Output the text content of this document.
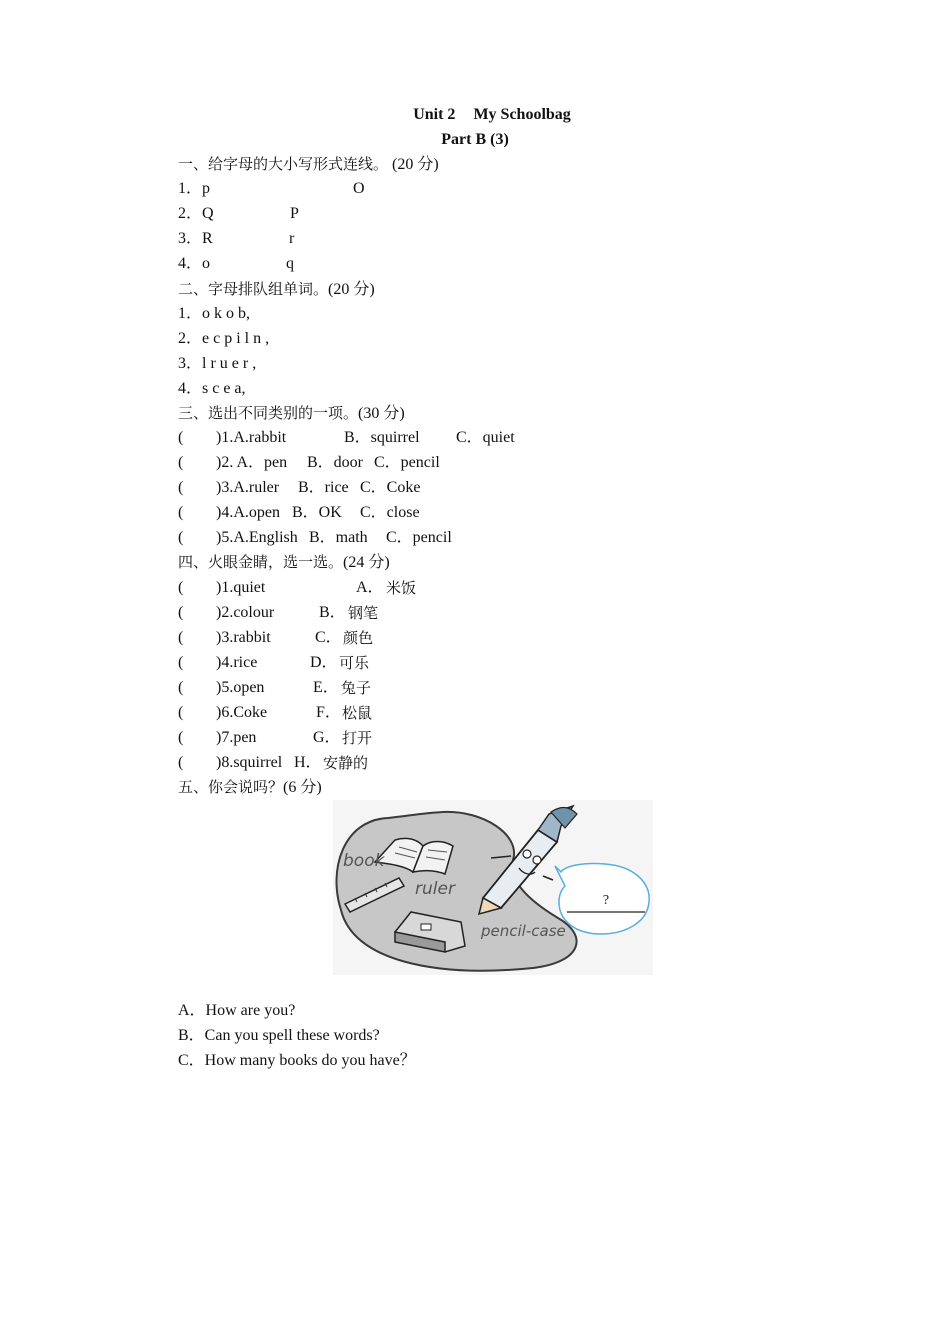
Unit 2 My Schoolbag
Part B (3)
一、给字母的大小写形式连线。 (20 分)
1．p	O
2．Q	P
3．R	r
4．o	q
二、字母排队组单词。(20 分)
1．o k o b,
2．e c p i l n ,
3．l r u e r ,
4．s c e a,
三、选出不同类别的一项。(30 分)
( )1.A.rabbit	B．squirrel C．quiet
( )2. A．pen B．door C．pencil
( )3.A.ruler B．rice C．Coke
( )4.A.open B．OK C．close
( )5.A.English B．math C．pencil
四、火眼金睛，选一选。(24 分)
( )1.quiet	A． 米饭
( )2.colour	B． 钢笔
( )3.rabbit	C． 颜色
( )4.rice	D． 可乐
( )5.open	E． 兔子
( )6.Coke	F． 松鼠
( )7.pen	G． 打开
( )8.squirrel H． 安静的
五、你会说吗？(6 分)
book
ruler
pencil-case
?
A．How are you?
B．Can you spell these words?
C．How many books do you have？
